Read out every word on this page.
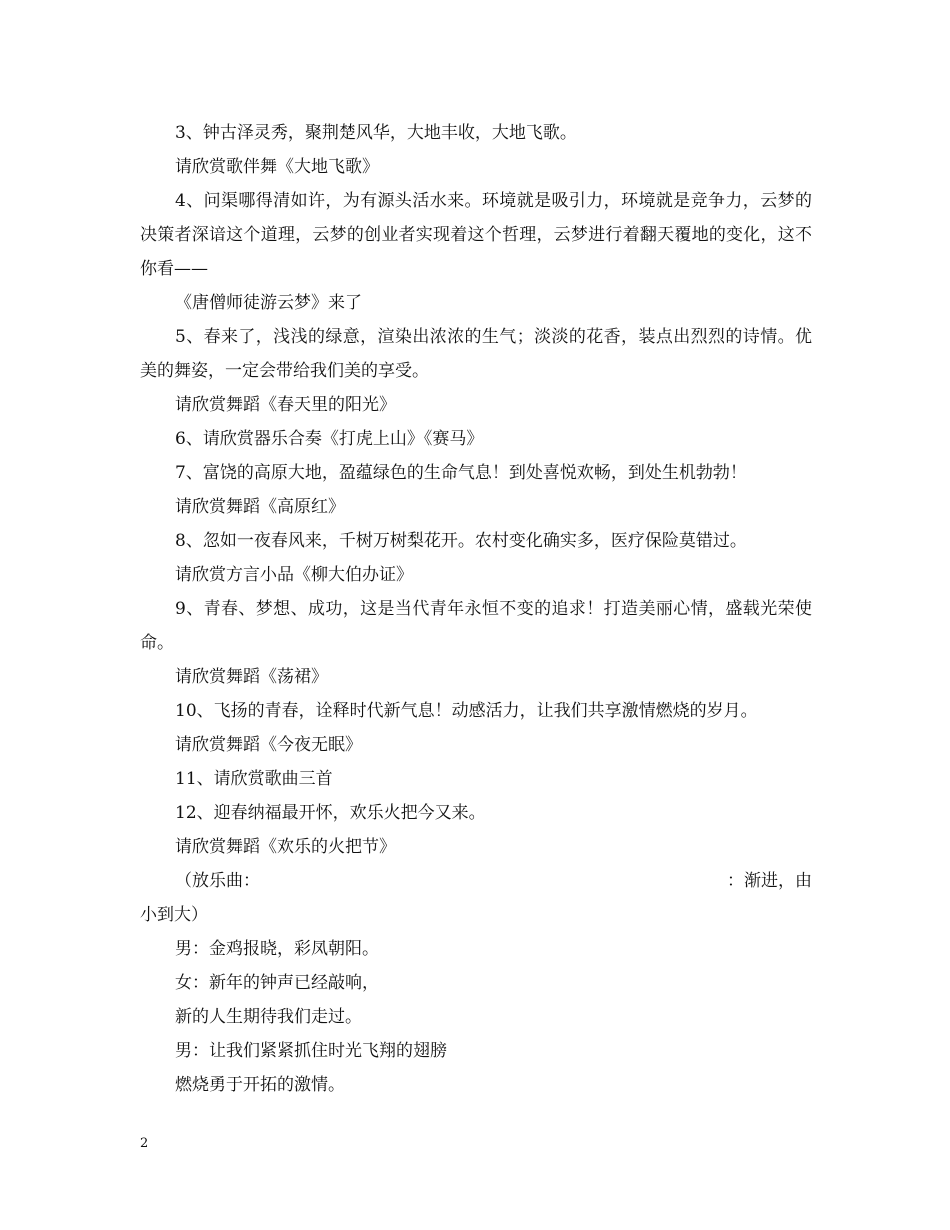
3、钟古泽灵秀，聚荆楚风华，大地丰收，大地飞歌。

请欣赏歌伴舞《大地飞歌》

4、问渠哪得清如许，为有源头活水来。环境就是吸引力，环境就是竞争力，云梦的决策者深谙这个道理，云梦的创业者实现着这个哲理，云梦进行着翻天覆地的变化，这不你看——

《唐僧师徒游云梦》来了

5、春来了，浅浅的绿意，渲染出浓浓的生气；淡淡的花香，装点出烈烈的诗情。优美的舞姿，一定会带给我们美的享受。

请欣赏舞蹈《春天里的阳光》

6、请欣赏器乐合奏《打虎上山》《赛马》

7、富饶的高原大地，盈蕴绿色的生命气息！到处喜悦欢畅，到处生机勃勃！

请欣赏舞蹈《高原红》

8、忽如一夜春风来，千树万树梨花开。农村变化确实多，医疗保险莫错过。

请欣赏方言小品《柳大伯办证》

9、青春、梦想、成功，这是当代青年永恒不变的追求！打造美丽心情，盛载光荣使命。

请欣赏舞蹈《荡裙》

10、飞扬的青春，诠释时代新气息！动感活力，让我们共享激情燃烧的岁月。

请欣赏舞蹈《今夜无眠》

11、请欣赏歌曲三首

12、迎春纳福最开怀，欢乐火把今又来。

请欣赏舞蹈《欢乐的火把节》

（放乐曲：	：渐进，由

小到大）

男：金鸡报晓，彩凤朝阳。

女：新年的钟声已经敲响，

新的人生期待我们走过。

男：让我们紧紧抓住时光飞翔的翅膀

燃烧勇于开拓的激情。

2
